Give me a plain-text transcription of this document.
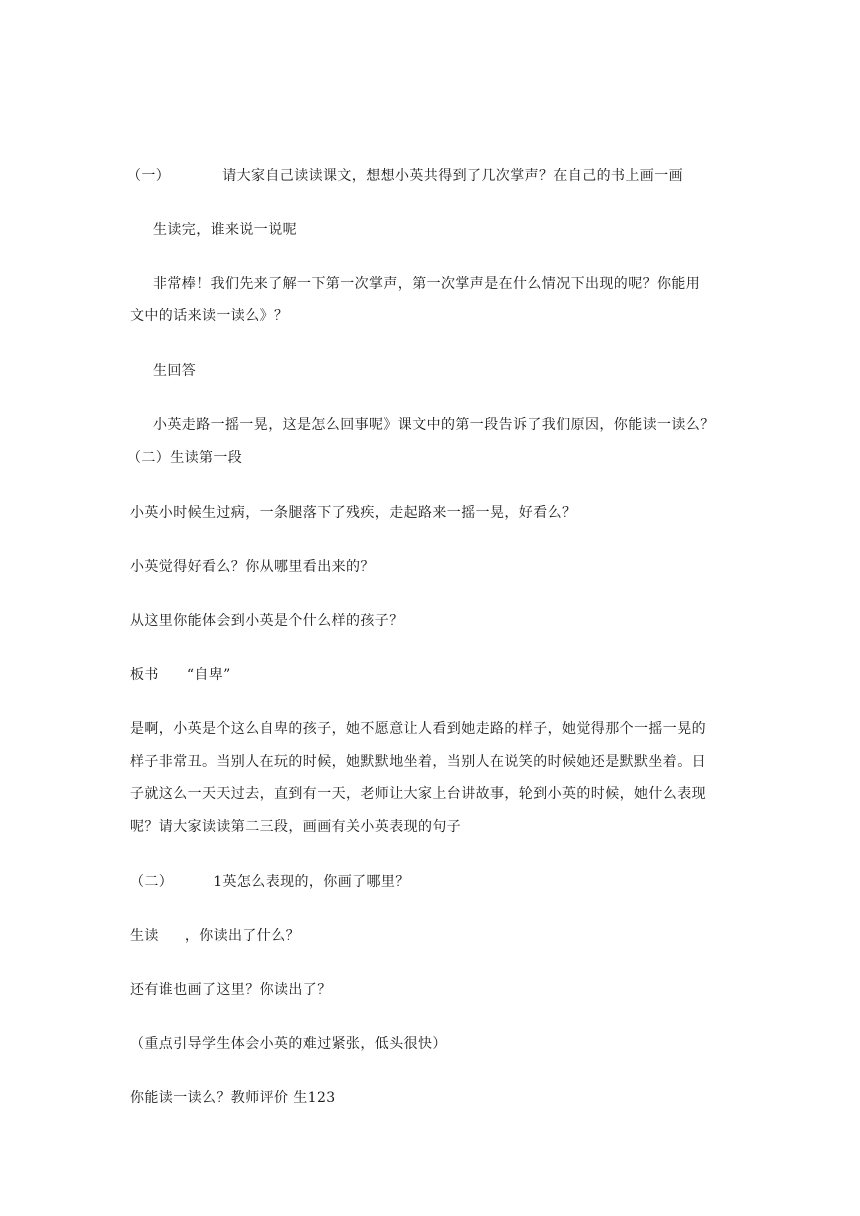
（一）	请大家自己读读课文，想想小英共得到了几次掌声？在自己的书上画一画
生读完，谁来说一说呢
非常棒！我们先来了解一下第一次掌声，第一次掌声是在什么情况下出现的呢？你能用
文中的话来读一读么》？
生回答
小英走路一摇一晃，这是怎么回事呢》课文中的第一段告诉了我们原因，你能读一读么？
（二）生读第一段
小英小时候生过病，一条腿落下了残疾，走起路来一摇一晃，好看么？
小英觉得好看么？你从哪里看出来的？
从这里你能体会到小英是个什么样的孩子？
板书 “自卑”
是啊，小英是个这么自卑的孩子，她不愿意让人看到她走路的样子，她觉得那个一摇一晃的
样子非常丑。当别人在玩的时候，她默默地坐着，当别人在说笑的时候她还是默默坐着。日
子就这么一天天过去，直到有一天，老师让大家上台讲故事，轮到小英的时候，她什么表现
呢？请大家读读第二三段，画画有关小英表现的句子
（二）	1英怎么表现的，你画了哪里？
生读 ，你读出了什么？
还有谁也画了这里？你读出了？
（重点引导学生体会小英的难过紧张，低头很快）
你能读一读么？教师评价 生123
